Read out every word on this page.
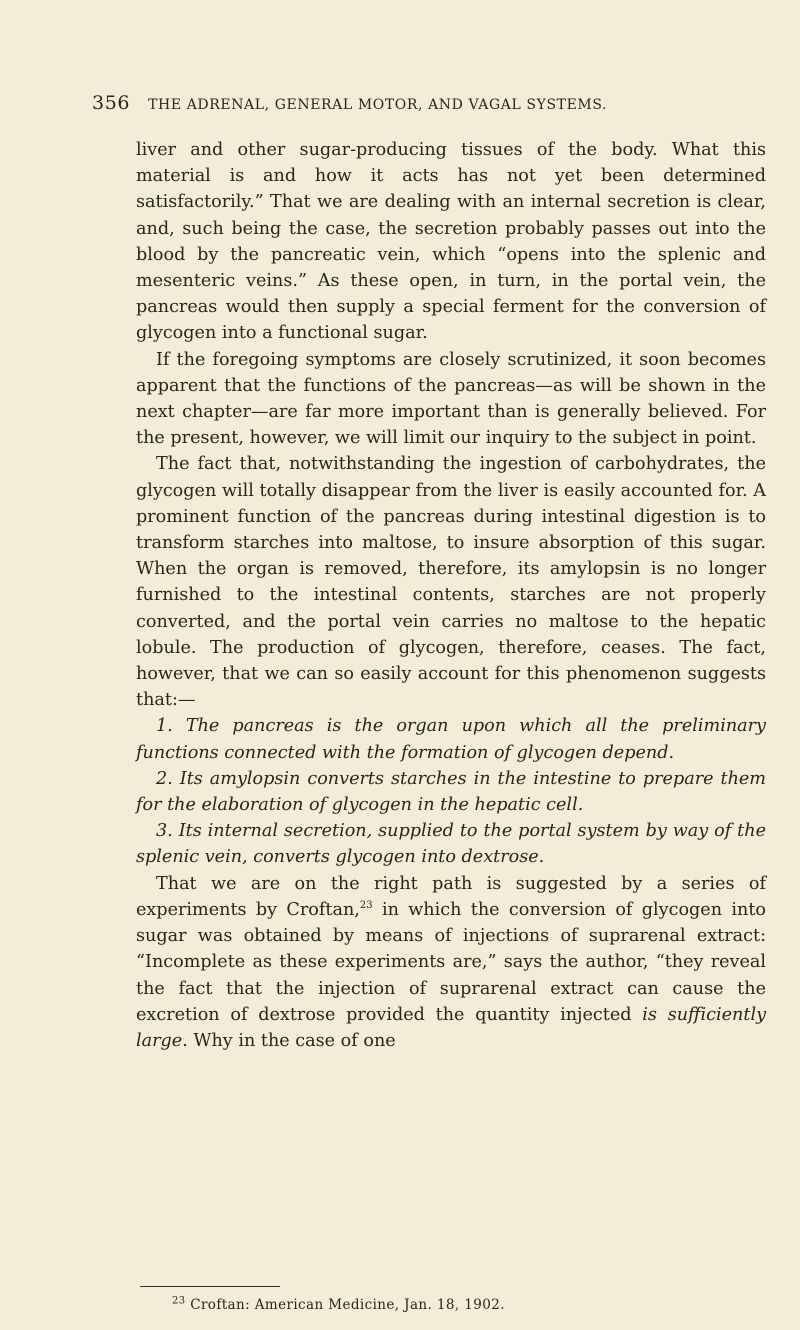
356 THE ADRENAL, GENERAL MOTOR, AND VAGAL SYSTEMS.

liver and other sugar-producing tissues of the body. What this material is and how it acts has not yet been determined satisfactorily.” That we are dealing with an internal secretion is clear, and, such being the case, the secretion probably passes out into the blood by the pancreatic vein, which “opens into the splenic and mesenteric veins.” As these open, in turn, in the portal vein, the pancreas would then supply a special ferment for the conversion of glycogen into a functional sugar.

If the foregoing symptoms are closely scrutinized, it soon becomes apparent that the functions of the pancreas—as will be shown in the next chapter—are far more important than is generally believed. For the present, however, we will limit our inquiry to the subject in point.

The fact that, notwithstanding the ingestion of carbohydrates, the glycogen will totally disappear from the liver is easily accounted for. A prominent function of the pancreas during intestinal digestion is to transform starches into maltose, to insure absorption of this sugar. When the organ is removed, therefore, its amylopsin is no longer furnished to the intestinal contents, starches are not properly converted, and the portal vein carries no maltose to the hepatic lobule. The production of glycogen, therefore, ceases. The fact, however, that we can so easily account for this phenomenon suggests that:—

1. The pancreas is the organ upon which all the preliminary functions connected with the formation of glycogen depend.

2. Its amylopsin converts starches in the intestine to prepare them for the elaboration of glycogen in the hepatic cell.

3. Its internal secretion, supplied to the portal system by way of the splenic vein, converts glycogen into dextrose.

That we are on the right path is suggested by a series of experiments by Croftan,$^{23}$ in which the conversion of glycogen into sugar was obtained by means of injections of suprarenal extract: “Incomplete as these experiments are,” says the author, “they reveal the fact that the injection of suprarenal extract can cause the excretion of dextrose provided the quantity injected is sufficiently large. Why in the case of one

$^{23}$ Croftan: American Medicine, Jan. 18, 1902.
